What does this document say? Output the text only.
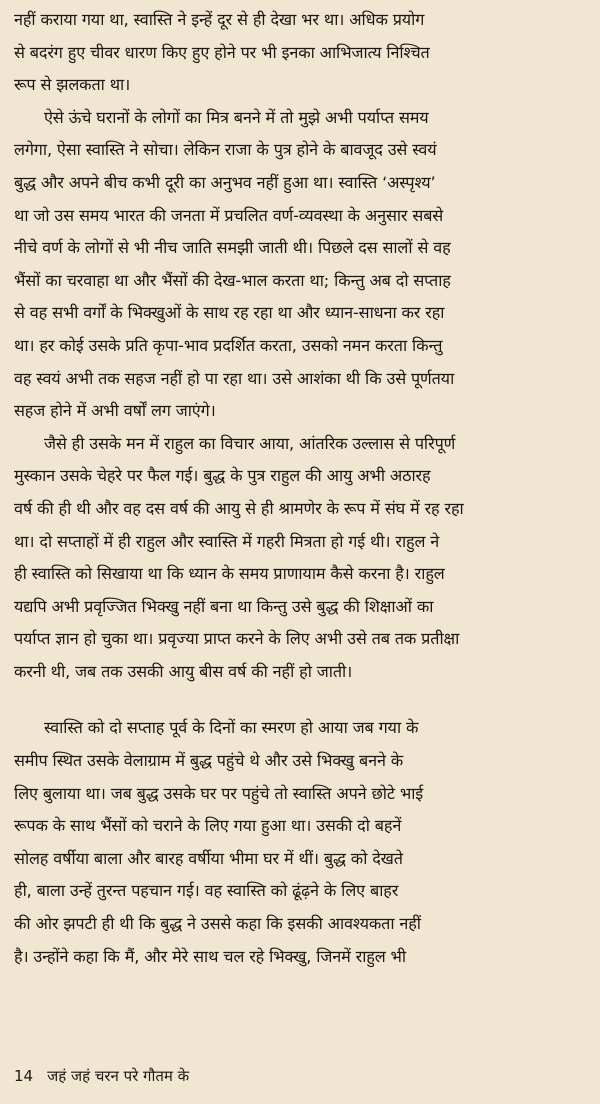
नहीं कराया गया था, स्वास्ति ने इन्हें दूर से ही देखा भर था। अधिक प्रयोग
से बदरंग हुए चीवर धारण किए हुए होने पर भी इनका आभिजात्य निश्चित
रूप से झलकता था।

ऐसे ऊंचे घरानों के लोगों का मित्र बनने में तो मुझे अभी पर्याप्त समय
लगेगा, ऐसा स्वास्ति ने सोचा। लेकिन राजा के पुत्र होने के बावजूद उसे स्वयं
बुद्ध और अपने बीच कभी दूरी का अनुभव नहीं हुआ था। स्वास्ति ‘अस्पृश्य’
था जो उस समय भारत की जनता में प्रचलित वर्ण-व्यवस्था के अनुसार सबसे
नीचे वर्ण के लोगों से भी नीच जाति समझी जाती थी। पिछले दस सालों से वह
भैंसों का चरवाहा था और भैंसों की देख-भाल करता था; किन्तु अब दो सप्ताह
से वह सभी वर्गों के भिक्खुओं के साथ रह रहा था और ध्यान-साधना कर रहा
था। हर कोई उसके प्रति कृपा-भाव प्रदर्शित करता, उसको नमन करता किन्तु
वह स्वयं अभी तक सहज नहीं हो पा रहा था। उसे आशंका थी कि उसे पूर्णतया
सहज होने में अभी वर्षों लग जाएंगे।

जैसे ही उसके मन में राहुल का विचार आया, आंतरिक उल्लास से परिपूर्ण
मुस्कान उसके चेहरे पर फैल गई। बुद्ध के पुत्र राहुल की आयु अभी अठारह
वर्ष की ही थी और वह दस वर्ष की आयु से ही श्रामणेर के रूप में संघ में रह रहा
था। दो सप्ताहों में ही राहुल और स्वास्ति में गहरी मित्रता हो गई थी। राहुल ने
ही स्वास्ति को सिखाया था कि ध्यान के समय प्राणायाम कैसे करना है। राहुल
यद्यपि अभी प्रवृज्जित भिक्खु नहीं बना था किन्तु उसे बुद्ध की शिक्षाओं का
पर्याप्त ज्ञान हो चुका था। प्रवृज्या प्राप्त करने के लिए अभी उसे तब तक प्रतीक्षा
करनी थी, जब तक उसकी आयु बीस वर्ष की नहीं हो जाती।

स्वास्ति को दो सप्ताह पूर्व के दिनों का स्मरण हो आया जब गया के
समीप स्थित उसके वेलाग्राम में बुद्ध पहुंचे थे और उसे भिक्खु बनने के
लिए बुलाया था। जब बुद्ध उसके घर पर पहुंचे तो स्वास्ति अपने छोटे भाई
रूपक के साथ भैंसों को चराने के लिए गया हुआ था। उसकी दो बहनें
सोलह वर्षीया बाला और बारह वर्षीया भीमा घर में थीं। बुद्ध को देखते
ही, बाला उन्हें तुरन्त पहचान गई। वह स्वास्ति को ढूंढ़ने के लिए बाहर
की ओर झपटी ही थी कि बुद्ध ने उससे कहा कि इसकी आवश्यकता नहीं
है। उन्होंने कहा कि मैं, और मेरे साथ चल रहे भिक्खु, जिनमें राहुल भी

14 जहं जहं चरन परे गौतम के
